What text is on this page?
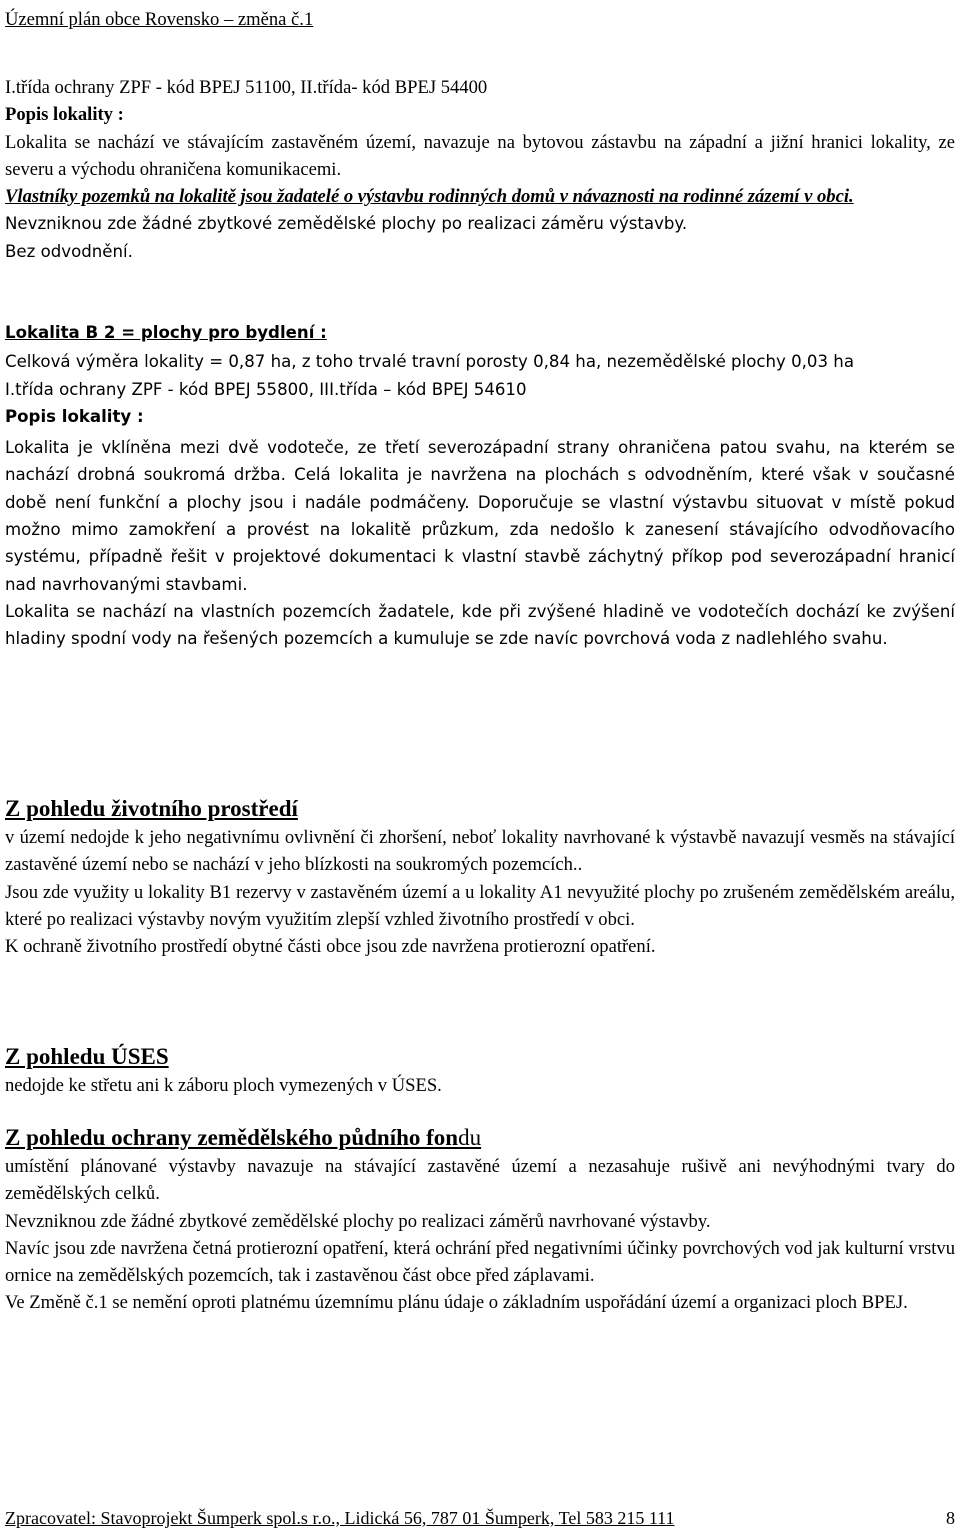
Územní plán obce Rovensko – změna č.1

I.třída ochrany ZPF - kód BPEJ 51100, II.třída- kód BPEJ 54400

Popis lokality :

Lokalita se nachází ve stávajícím zastavěném území, navazuje na bytovou zástavbu na západní a jižní hranici lokality, ze severu a východu ohraničena komunikacemi.

Vlastníky pozemků na lokalitě jsou žadatelé o výstavbu rodinných domů v návaznosti na rodinné zázemí v obci.

Nevzniknou zde žádné zbytkové zemědělské plochy po realizaci záměru výstavby.

Bez odvodnění.

Lokalita B 2 = plochy pro bydlení :

Celková výměra lokality = 0,87 ha, z toho trvalé travní porosty 0,84 ha, nezemědělské plochy 0,03 ha

I.třída ochrany ZPF - kód BPEJ 55800, III.třída – kód BPEJ 54610

Popis lokality :

Lokalita je vklíněna mezi dvě vodoteče, ze třetí severozápadní strany ohraničena patou svahu, na kterém se nachází drobná soukromá držba. Celá lokalita je navržena na plochách s odvodněním, které však v současné době není funkční a plochy jsou i nadále podmáčeny. Doporučuje se vlastní výstavbu situovat v místě pokud možno mimo zamokření a provést na lokalitě průzkum, zda nedošlo k zanesení stávajícího odvodňovacího systému, případně řešit v projektové dokumentaci k vlastní stavbě záchytný příkop pod severozápadní hranicí nad navrhovanými stavbami.

Lokalita se nachází na vlastních pozemcích žadatele, kde při zvýšené hladině ve vodotečích dochází ke zvýšení hladiny spodní vody na řešených pozemcích a kumuluje se zde navíc povrchová voda z nadlehlého svahu.

Z pohledu životního prostředí

v území nedojde k jeho negativnímu ovlivnění či zhoršení, neboť lokality navrhované k výstavbě navazují vesměs na stávající zastavěné území nebo se nachází v jeho blízkosti na soukromých pozemcích..

Jsou zde využity u lokality B1 rezervy v zastavěném území a u lokality A1 nevyužité plochy po zrušeném zemědělském areálu, které po realizaci výstavby novým využitím zlepší vzhled životního prostředí v obci.

K ochraně životního prostředí obytné části obce jsou zde navržena protierozní opatření.

Z pohledu ÚSES

nedojde ke střetu ani k záboru ploch vymezených v ÚSES.

Z pohledu ochrany zemědělského půdního fondu

umístění plánované výstavby navazuje na stávající zastavěné území a nezasahuje rušivě ani nevýhodnými tvary do zemědělských celků.

Nevzniknou zde žádné zbytkové zemědělské plochy po realizaci záměrů navrhované výstavby.

Navíc jsou zde navržena četná protierozní opatření, která ochrání před negativními účinky povrchových vod jak kulturní vrstvu ornice na zemědělských pozemcích, tak i zastavěnou část obce před záplavami.

Ve Změně č.1 se nemění oproti platnému územnímu plánu údaje o základním uspořádání území a organizaci ploch BPEJ.

Zpracovatel: Stavoprojekt Šumperk spol.s r.o., Lidická 56, 787 01 Šumperk, Tel 583 215 111	8
